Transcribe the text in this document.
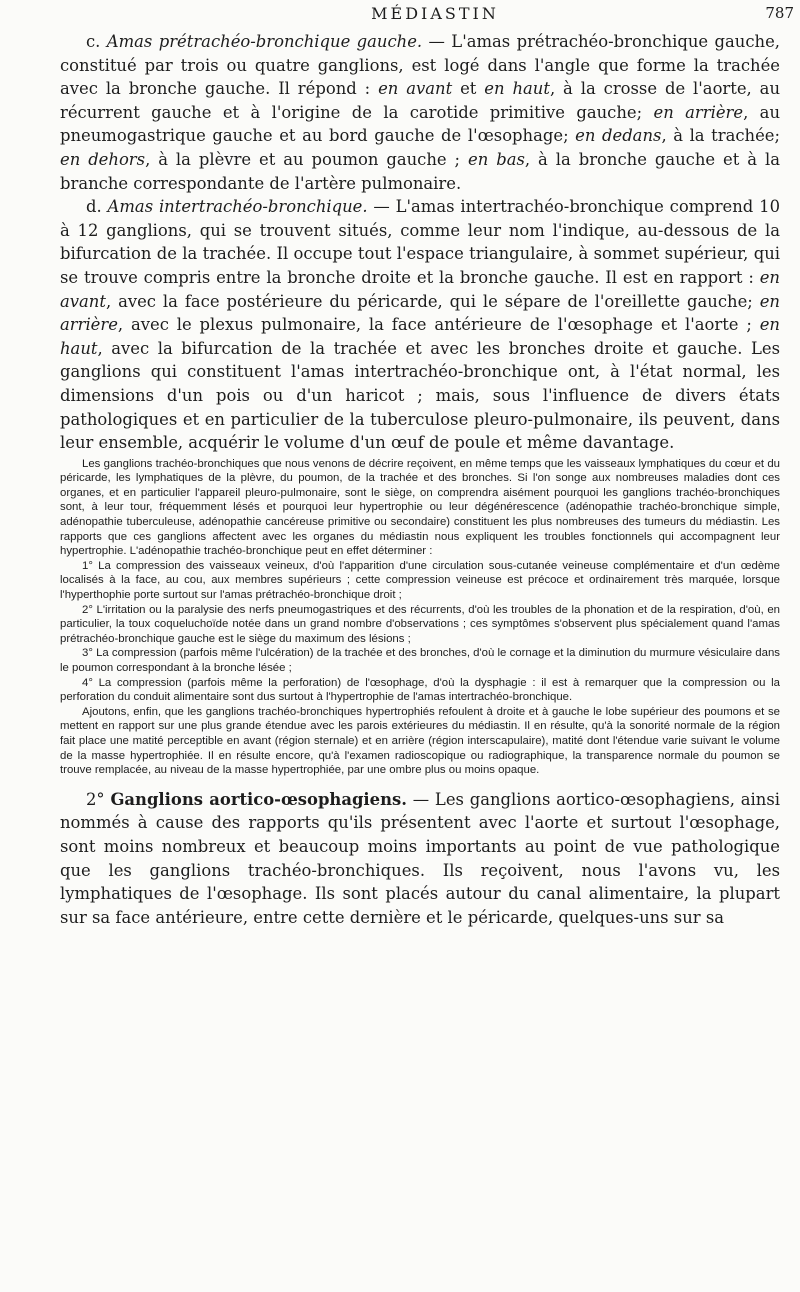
MÉDIASTIN	787

c. Amas prétrachéo-bronchique gauche. — L'amas prétrachéo-bronchique gauche, constitué par trois ou quatre ganglions, est logé dans l'angle que forme la trachée avec la bronche gauche. Il répond : en avant et en haut, à la crosse de l'aorte, au récurrent gauche et à l'origine de la carotide primitive gauche; en arrière, au pneumogastrique gauche et au bord gauche de l'œsophage; en dedans, à la trachée; en dehors, à la plèvre et au poumon gauche ; en bas, à la bronche gauche et à la branche correspondante de l'artère pulmonaire.

d. Amas intertrachéo-bronchique. — L'amas intertrachéo-bronchique comprend 10 à 12 ganglions, qui se trouvent situés, comme leur nom l'indique, au-dessous de la bifurcation de la trachée. Il occupe tout l'espace triangulaire, à sommet supérieur, qui se trouve compris entre la bronche droite et la bronche gauche. Il est en rapport : en avant, avec la face postérieure du péricarde, qui le sépare de l'oreillette gauche; en arrière, avec le plexus pulmonaire, la face antérieure de l'œsophage et l'aorte ; en haut, avec la bifurcation de la trachée et avec les bronches droite et gauche. Les ganglions qui constituent l'amas intertrachéo-bronchique ont, à l'état normal, les dimensions d'un pois ou d'un haricot ; mais, sous l'influence de divers états pathologiques et en particulier de la tuberculose pleuro-pulmonaire, ils peuvent, dans leur ensemble, acquérir le volume d'un œuf de poule et même davantage.

Les ganglions trachéo-bronchiques que nous venons de décrire reçoivent, en même temps que les vaisseaux lymphatiques du cœur et du péricarde, les lymphatiques de la plèvre, du poumon, de la trachée et des bronches. Si l'on songe aux nombreuses maladies dont ces organes, et en particulier l'appareil pleuro-pulmonaire, sont le siège, on comprendra aisément pourquoi les ganglions trachéo-bronchiques sont, à leur tour, fréquemment lésés et pourquoi leur hypertrophie ou leur dégénérescence (adénopathie trachéo-bronchique simple, adénopathie tuberculeuse, adénopathie cancéreuse primitive ou secondaire) constituent les plus nombreuses des tumeurs du médiastin. Les rapports que ces ganglions affectent avec les organes du médiastin nous expliquent les troubles fonctionnels qui accompagnent leur hypertrophie. L'adénopathie trachéo-bronchique peut en effet déterminer :

1° La compression des vaisseaux veineux, d'où l'apparition d'une circulation sous-cutanée veineuse complémentaire et d'un œdème localisés à la face, au cou, aux membres supérieurs ; cette compression veineuse est précoce et ordinairement très marquée, lorsque l'hyperthophie porte surtout sur l'amas prétrachéo-bronchique droit ;

2° L'irritation ou la paralysie des nerfs pneumogastriques et des récurrents, d'où les troubles de la phonation et de la respiration, d'où, en particulier, la toux coqueluchoïde notée dans un grand nombre d'observations ; ces symptômes s'observent plus spécialement quand l'amas prétrachéo-bronchique gauche est le siège du maximum des lésions ;

3° La compression (parfois même l'ulcération) de la trachée et des bronches, d'où le cornage et la diminution du murmure vésiculaire dans le poumon correspondant à la bronche lésée ;

4° La compression (parfois même la perforation) de l'œsophage, d'où la dysphagie : il est à remarquer que la compression ou la perforation du conduit alimentaire sont dus surtout à l'hypertrophie de l'amas intertrachéo-bronchique.

Ajoutons, enfin, que les ganglions trachéo-bronchiques hypertrophiés refoulent à droite et à gauche le lobe supérieur des poumons et se mettent en rapport sur une plus grande étendue avec les parois extérieures du médiastin. Il en résulte, qu'à la sonorité normale de la région fait place une matité perceptible en avant (région sternale) et en arrière (région interscapulaire), matité dont l'étendue varie suivant le volume de la masse hypertrophiée. Il en résulte encore, qu'à l'examen radioscopique ou radiographique, la transparence normale du poumon se trouve remplacée, au niveau de la masse hypertrophiée, par une ombre plus ou moins opaque.

2° Ganglions aortico-œsophagiens. — Les ganglions aortico-œsophagiens, ainsi nommés à cause des rapports qu'ils présentent avec l'aorte et surtout l'œsophage, sont moins nombreux et beaucoup moins importants au point de vue pathologique que les ganglions trachéo-bronchiques. Ils reçoivent, nous l'avons vu, les lymphatiques de l'œsophage. Ils sont placés autour du canal alimentaire, la plupart sur sa face antérieure, entre cette dernière et le péricarde, quelques-uns sur sa
